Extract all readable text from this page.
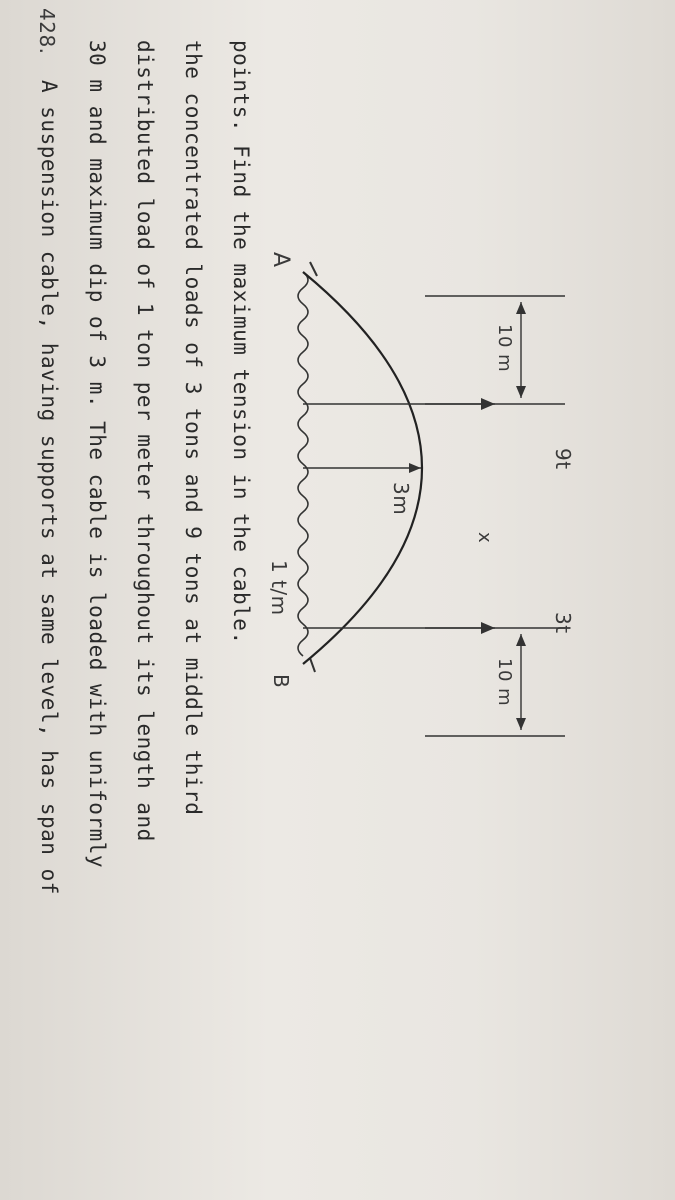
428.
A suspension cable, having supports at same level, has span of 30 m and maximum dip of 3 m. The cable is loaded with uniformly distributed load of 1 ton per meter throughout its length and the concentrated loads of 3 tons and 9 tons at middle third points. Find the maximum tension in the cable. A
B
1 t/m
3m
10 m
10 m
9t
3t
x
